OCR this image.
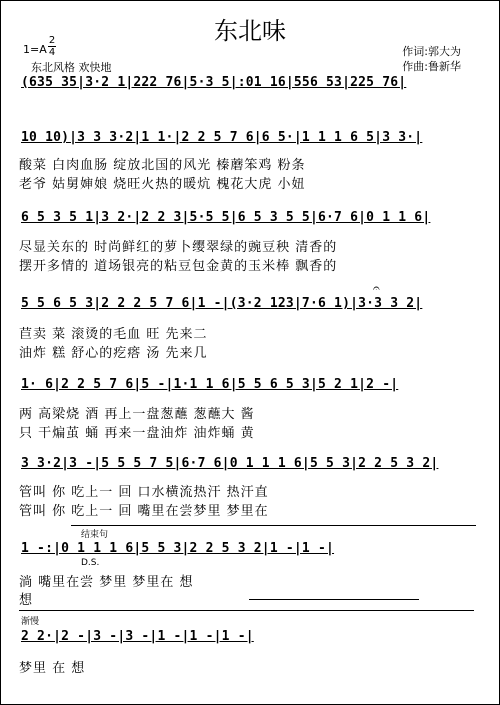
东北味
1=A
2
4
东北风格 欢快地
作词:郭大为
作曲:鲁新华
(635 35|3·2 1|222 76|5·3 5|:01 16|556 53|225 76|
10 10)|3 3 3·2|1 1·|2 2 5 7 6|6 5·|1 1 1 6 5|3 3·|
酸菜 白肉血肠 绽放北国的风光 榛蘑笨鸡 粉条
老爷 姑舅婶娘 烧旺火热的暖炕 槐花大虎 小妞
6 5 3 5 1|3 2·|2 2 3|5·5 5|6 5 3 5 5|6·7 6|0 1 1 6|
尽显关东的 时尚鲜红的萝卜缨翠绿的豌豆秧 清香的
摆开多情的 道场银亮的粘豆包金黄的玉米棒 飘香的
5 5 6 5 3|2 2 2 5 7 6|1 -|(3·2 123|7·6 1)|3·3 3 2|
𝄐
苣卖 菜 滚烫的毛血 旺 先来二
油炸 糕 舒心的疙瘩 汤 先来几
1· 6|2 2 5 7 6|5 -|1·1 1 6|5 5 6 5 3|5 2 1|2 -|
两 高梁烧 酒 再上一盘葱蘸 葱蘸大 酱
只 干煸茧 蛹 再来一盘油炸 油炸蛹 黄
3 3·2|3 -|5 5 5 7 5|6·7 6|0 1 1 1 6|5 5 3|2 2 5 3 2|
管叫 你 吃上一 回 口水横流热汗 热汗直
管叫 你 吃上一 回 嘴里在尝梦里 梦里在
结束句
1 -:|0 1 1 1 6|5 5 3|2 2 5 3 2|1 -|1 -|
D.S.
淌 嘴里在尝 梦里 梦里在 想
想
渐慢
2 2·|2 -|3 -|3 -|1 -|1 -|1 -|
梦里 在 想
